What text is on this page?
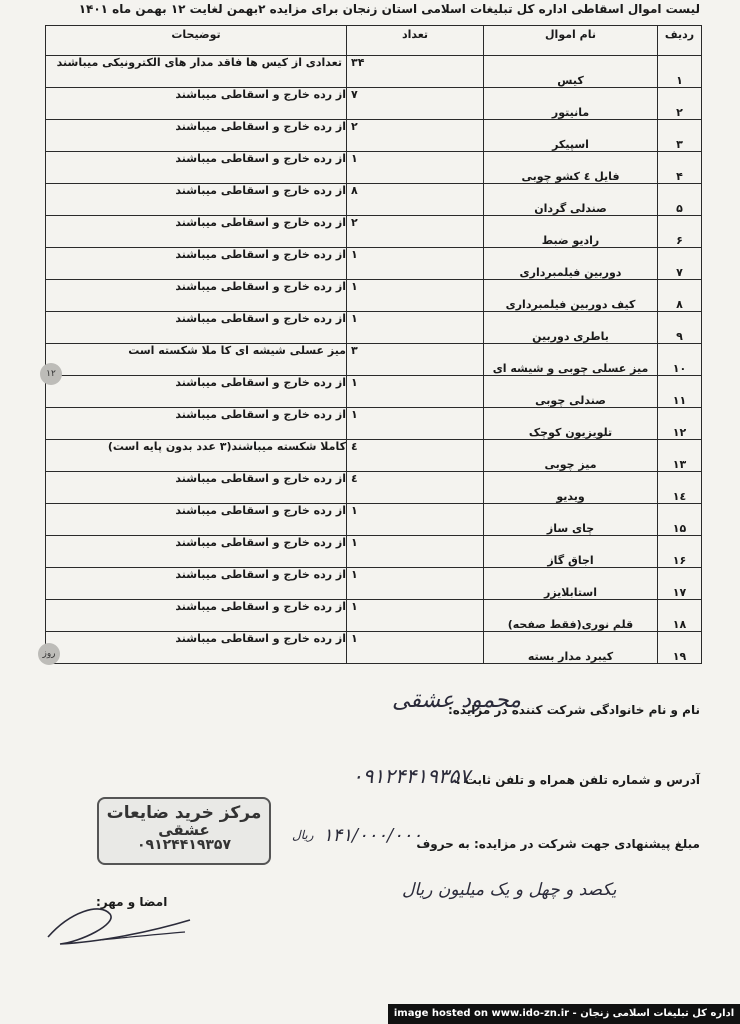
لیست اموال اسقاطی اداره کل تبلیغات اسلامی استان زنجان برای مزایده ۲بهمن لغایت ۱۲ بهمن ماه ۱۴۰۱
ردیف	نام اموال	تعداد	توضیحات
۱	کیس	۳۴	تعدادی از کیس ها فاقد مدار های الکترونیکی میباشند
۲	مانیتور	۷	از رده خارج و اسقاطی میباشند
۳	اسپیکر	۲	از رده خارج و اسقاطی میباشند
۴	فایل ٤ کشو چوبی	۱	از رده خارج و اسقاطی میباشند
۵	صندلی گردان	۸	از رده خارج و اسقاطی میباشند
۶	رادیو ضبط	۲	از رده خارج و اسقاطی میباشند
۷	دوربین فیلمبرداری	۱	از رده خارج و اسقاطی میباشند
۸	کیف دوربین فیلمبرداری	۱	از رده خارج و اسقاطی میباشند
۹	باطری دوربین	۱	از رده خارج و اسقاطی میباشند
۱۰	میز عسلی چوبی و شیشه ای	۳	میز عسلی شیشه ای کا ملا شکسته است
۱۱	صندلی چوبی	۱	از رده خارج و اسقاطی میباشند
۱۲	تلویزیون کوچک	۱	از رده خارج و اسقاطی میباشند
۱۳	میز چوبی	٤	کاملا شکسته میباشند(۳ عدد بدون پایه است)
۱٤	ویدیو	٤	از رده خارج و اسقاطی میباشند
۱۵	چای ساز	۱	از رده خارج و اسقاطی میباشند
۱۶	اجاق گاز	۱	از رده خارج و اسقاطی میباشند
۱۷	استابلایزر	۱	از رده خارج و اسقاطی میباشند
۱۸	قلم نوری(فقط صفحه)	۱	از رده خارج و اسقاطی میباشند
۱۹	کیبرد مدار بسته	۱	از رده خارج و اسقاطی میباشند
۱۲
روز
نام و نام خانوادگی شرکت کننده در مزایده:
محمود عشقی
آدرس و شماره تلفن همراه و تلفن ثابت :
۰۹۱۲۴۴۱۹۳۵۷
مبلغ پیشنهادی جهت شرکت در مزایده: به حروف
۱۴۱/۰۰۰/۰۰۰
ریال
مرکز خرید ضایعات
عشقی
۰۹۱۲۴۴۱۹۳۵۷
یکصد و چهل و یک میلیون ریال
امضا و مهر:
اداره کل تبلیغات اسلامی زنجان - image hosted on www.ido-zn.ir
